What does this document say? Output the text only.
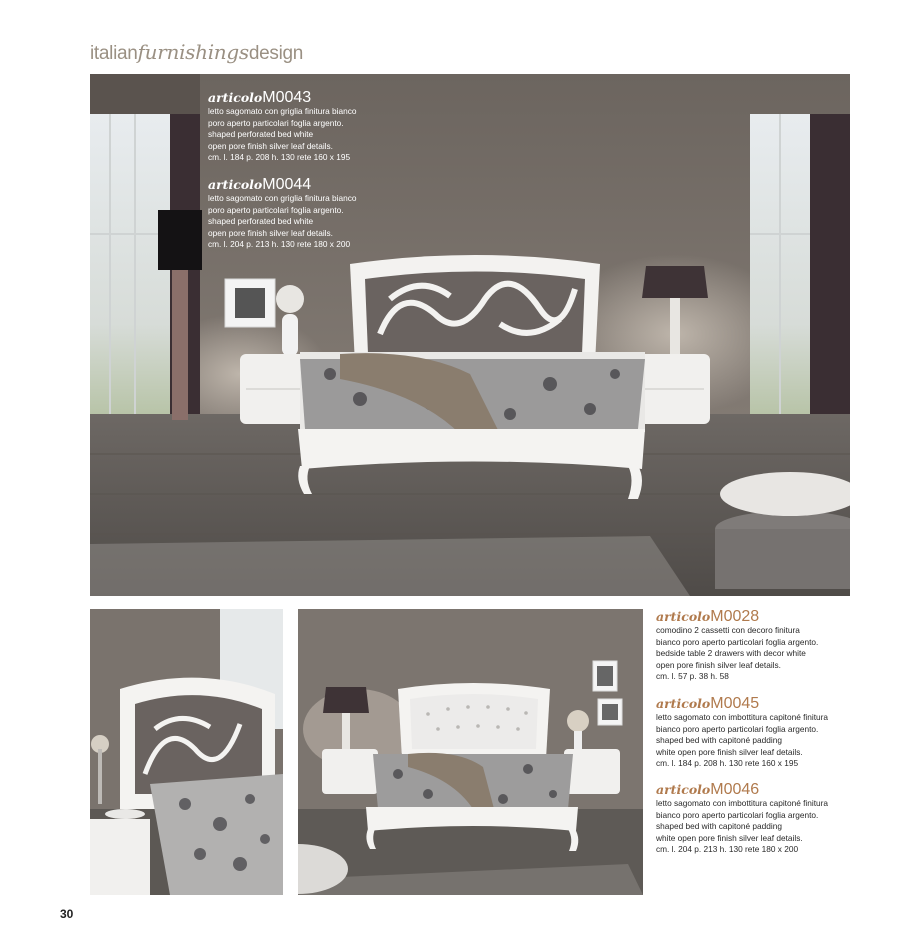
italianfurnishingsdesign
articoloM0043
letto sagomato con griglia finitura bianco
poro aperto particolari foglia argento.
shaped perforated bed white
open pore finish silver leaf details.
cm. l. 184 p. 208 h. 130 rete 160 x 195
articoloM0044
letto sagomato con griglia finitura bianco
poro aperto particolari foglia argento.
shaped perforated bed white
open pore finish silver leaf details.
cm. l. 204 p. 213 h. 130 rete 180 x 200
articoloM0028
comodino 2 cassetti con decoro finitura
bianco poro aperto particolari foglia argento.
bedside table 2 drawers with decor white
open pore finish silver leaf details.
cm. l. 57 p. 38 h. 58
articoloM0045
letto sagomato con imbottitura capitoné finitura
bianco poro aperto particolari foglia argento.
shaped bed with capitoné padding
white open pore finish silver leaf details.
cm. l. 184 p. 208 h. 130 rete 160 x 195
articoloM0046
letto sagomato con imbottitura capitoné finitura
bianco poro aperto particolari foglia argento.
shaped bed with capitoné padding
white open pore finish silver leaf details.
cm. l. 204 p. 213 h. 130 rete 180 x 200
30
